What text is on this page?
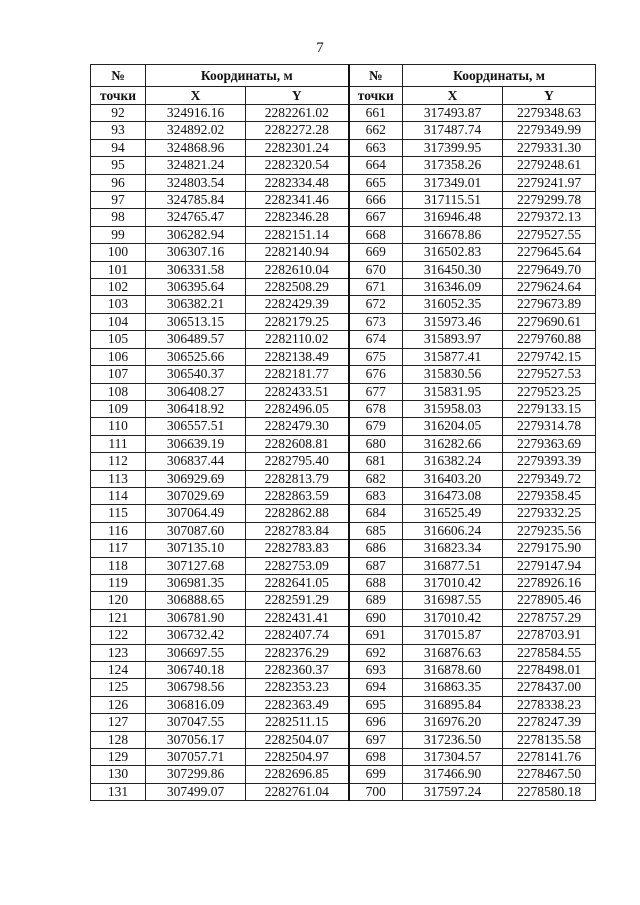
7
№	Координаты, м		№	Координаты, м	
точки	X	Y	точки	X	Y
92	324916.16	2282261.02	661	317493.87	2279348.63
93	324892.02	2282272.28	662	317487.74	2279349.99
94	324868.96	2282301.24	663	317399.95	2279331.30
95	324821.24	2282320.54	664	317358.26	2279248.61
96	324803.54	2282334.48	665	317349.01	2279241.97
97	324785.84	2282341.46	666	317115.51	2279299.78
98	324765.47	2282346.28	667	316946.48	2279372.13
99	306282.94	2282151.14	668	316678.86	2279527.55
100	306307.16	2282140.94	669	316502.83	2279645.64
101	306331.58	2282610.04	670	316450.30	2279649.70
102	306395.64	2282508.29	671	316346.09	2279624.64
103	306382.21	2282429.39	672	316052.35	2279673.89
104	306513.15	2282179.25	673	315973.46	2279690.61
105	306489.57	2282110.02	674	315893.97	2279760.88
106	306525.66	2282138.49	675	315877.41	2279742.15
107	306540.37	2282181.77	676	315830.56	2279527.53
108	306408.27	2282433.51	677	315831.95	2279523.25
109	306418.92	2282496.05	678	315958.03	2279133.15
110	306557.51	2282479.30	679	316204.05	2279314.78
111	306639.19	2282608.81	680	316282.66	2279363.69
112	306837.44	2282795.40	681	316382.24	2279393.39
113	306929.69	2282813.79	682	316403.20	2279349.72
114	307029.69	2282863.59	683	316473.08	2279358.45
115	307064.49	2282862.88	684	316525.49	2279332.25
116	307087.60	2282783.84	685	316606.24	2279235.56
117	307135.10	2282783.83	686	316823.34	2279175.90
118	307127.68	2282753.09	687	316877.51	2279147.94
119	306981.35	2282641.05	688	317010.42	2278926.16
120	306888.65	2282591.29	689	316987.55	2278905.46
121	306781.90	2282431.41	690	317010.42	2278757.29
122	306732.42	2282407.74	691	317015.87	2278703.91
123	306697.55	2282376.29	692	316876.63	2278584.55
124	306740.18	2282360.37	693	316878.60	2278498.01
125	306798.56	2282353.23	694	316863.35	2278437.00
126	306816.09	2282363.49	695	316895.84	2278338.23
127	307047.55	2282511.15	696	316976.20	2278247.39
128	307056.17	2282504.07	697	317236.50	2278135.58
129	307057.71	2282504.97	698	317304.57	2278141.76
130	307299.86	2282696.85	699	317466.90	2278467.50
131	307499.07	2282761.04	700	317597.24	2278580.18
